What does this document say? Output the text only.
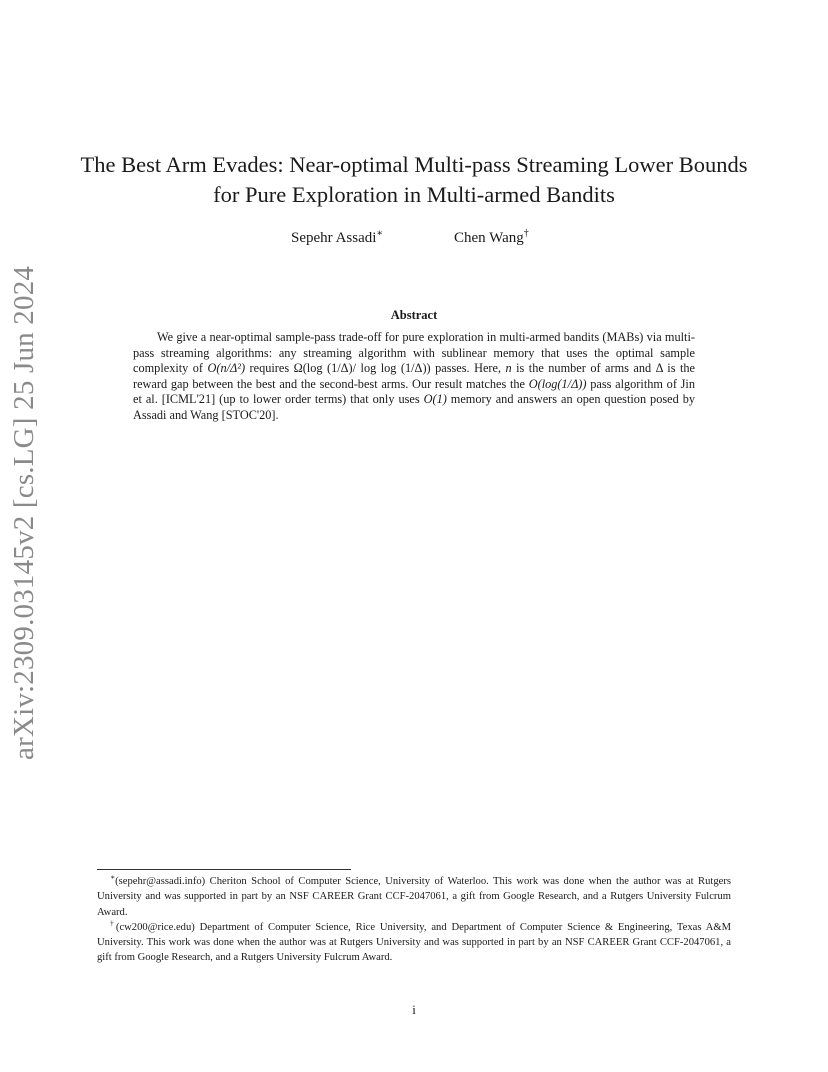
arXiv:2309.03145v2 [cs.LG] 25 Jun 2024
The Best Arm Evades: Near-optimal Multi-pass Streaming Lower Bounds for Pure Exploration in Multi-armed Bandits
Sepehr Assadi∗	Chen Wang†
Abstract

We give a near-optimal sample-pass trade-off for pure exploration in multi-armed bandits (MABs) via multi-pass streaming algorithms: any streaming algorithm with sublinear memory that uses the optimal sample complexity of O(n/Δ²) requires Ω(log (1/Δ)/ log log (1/Δ)) passes. Here, n is the number of arms and Δ is the reward gap between the best and the second-best arms. Our result matches the O(log(1/Δ)) pass algorithm of Jin et al. [ICML'21] (up to lower order terms) that only uses O(1) memory and answers an open question posed by Assadi and Wang [STOC'20].

∗(sepehr@assadi.info) Cheriton School of Computer Science, University of Waterloo. This work was done when the author was at Rutgers University and was supported in part by an NSF CAREER Grant CCF-2047061, a gift from Google Research, and a Rutgers University Fulcrum Award.

†(cw200@rice.edu) Department of Computer Science, Rice University, and Department of Computer Science & Engineering, Texas A&M University. This work was done when the author was at Rutgers University and was supported in part by an NSF CAREER Grant CCF-2047061, a gift from Google Research, and a Rutgers University Fulcrum Award.

i
